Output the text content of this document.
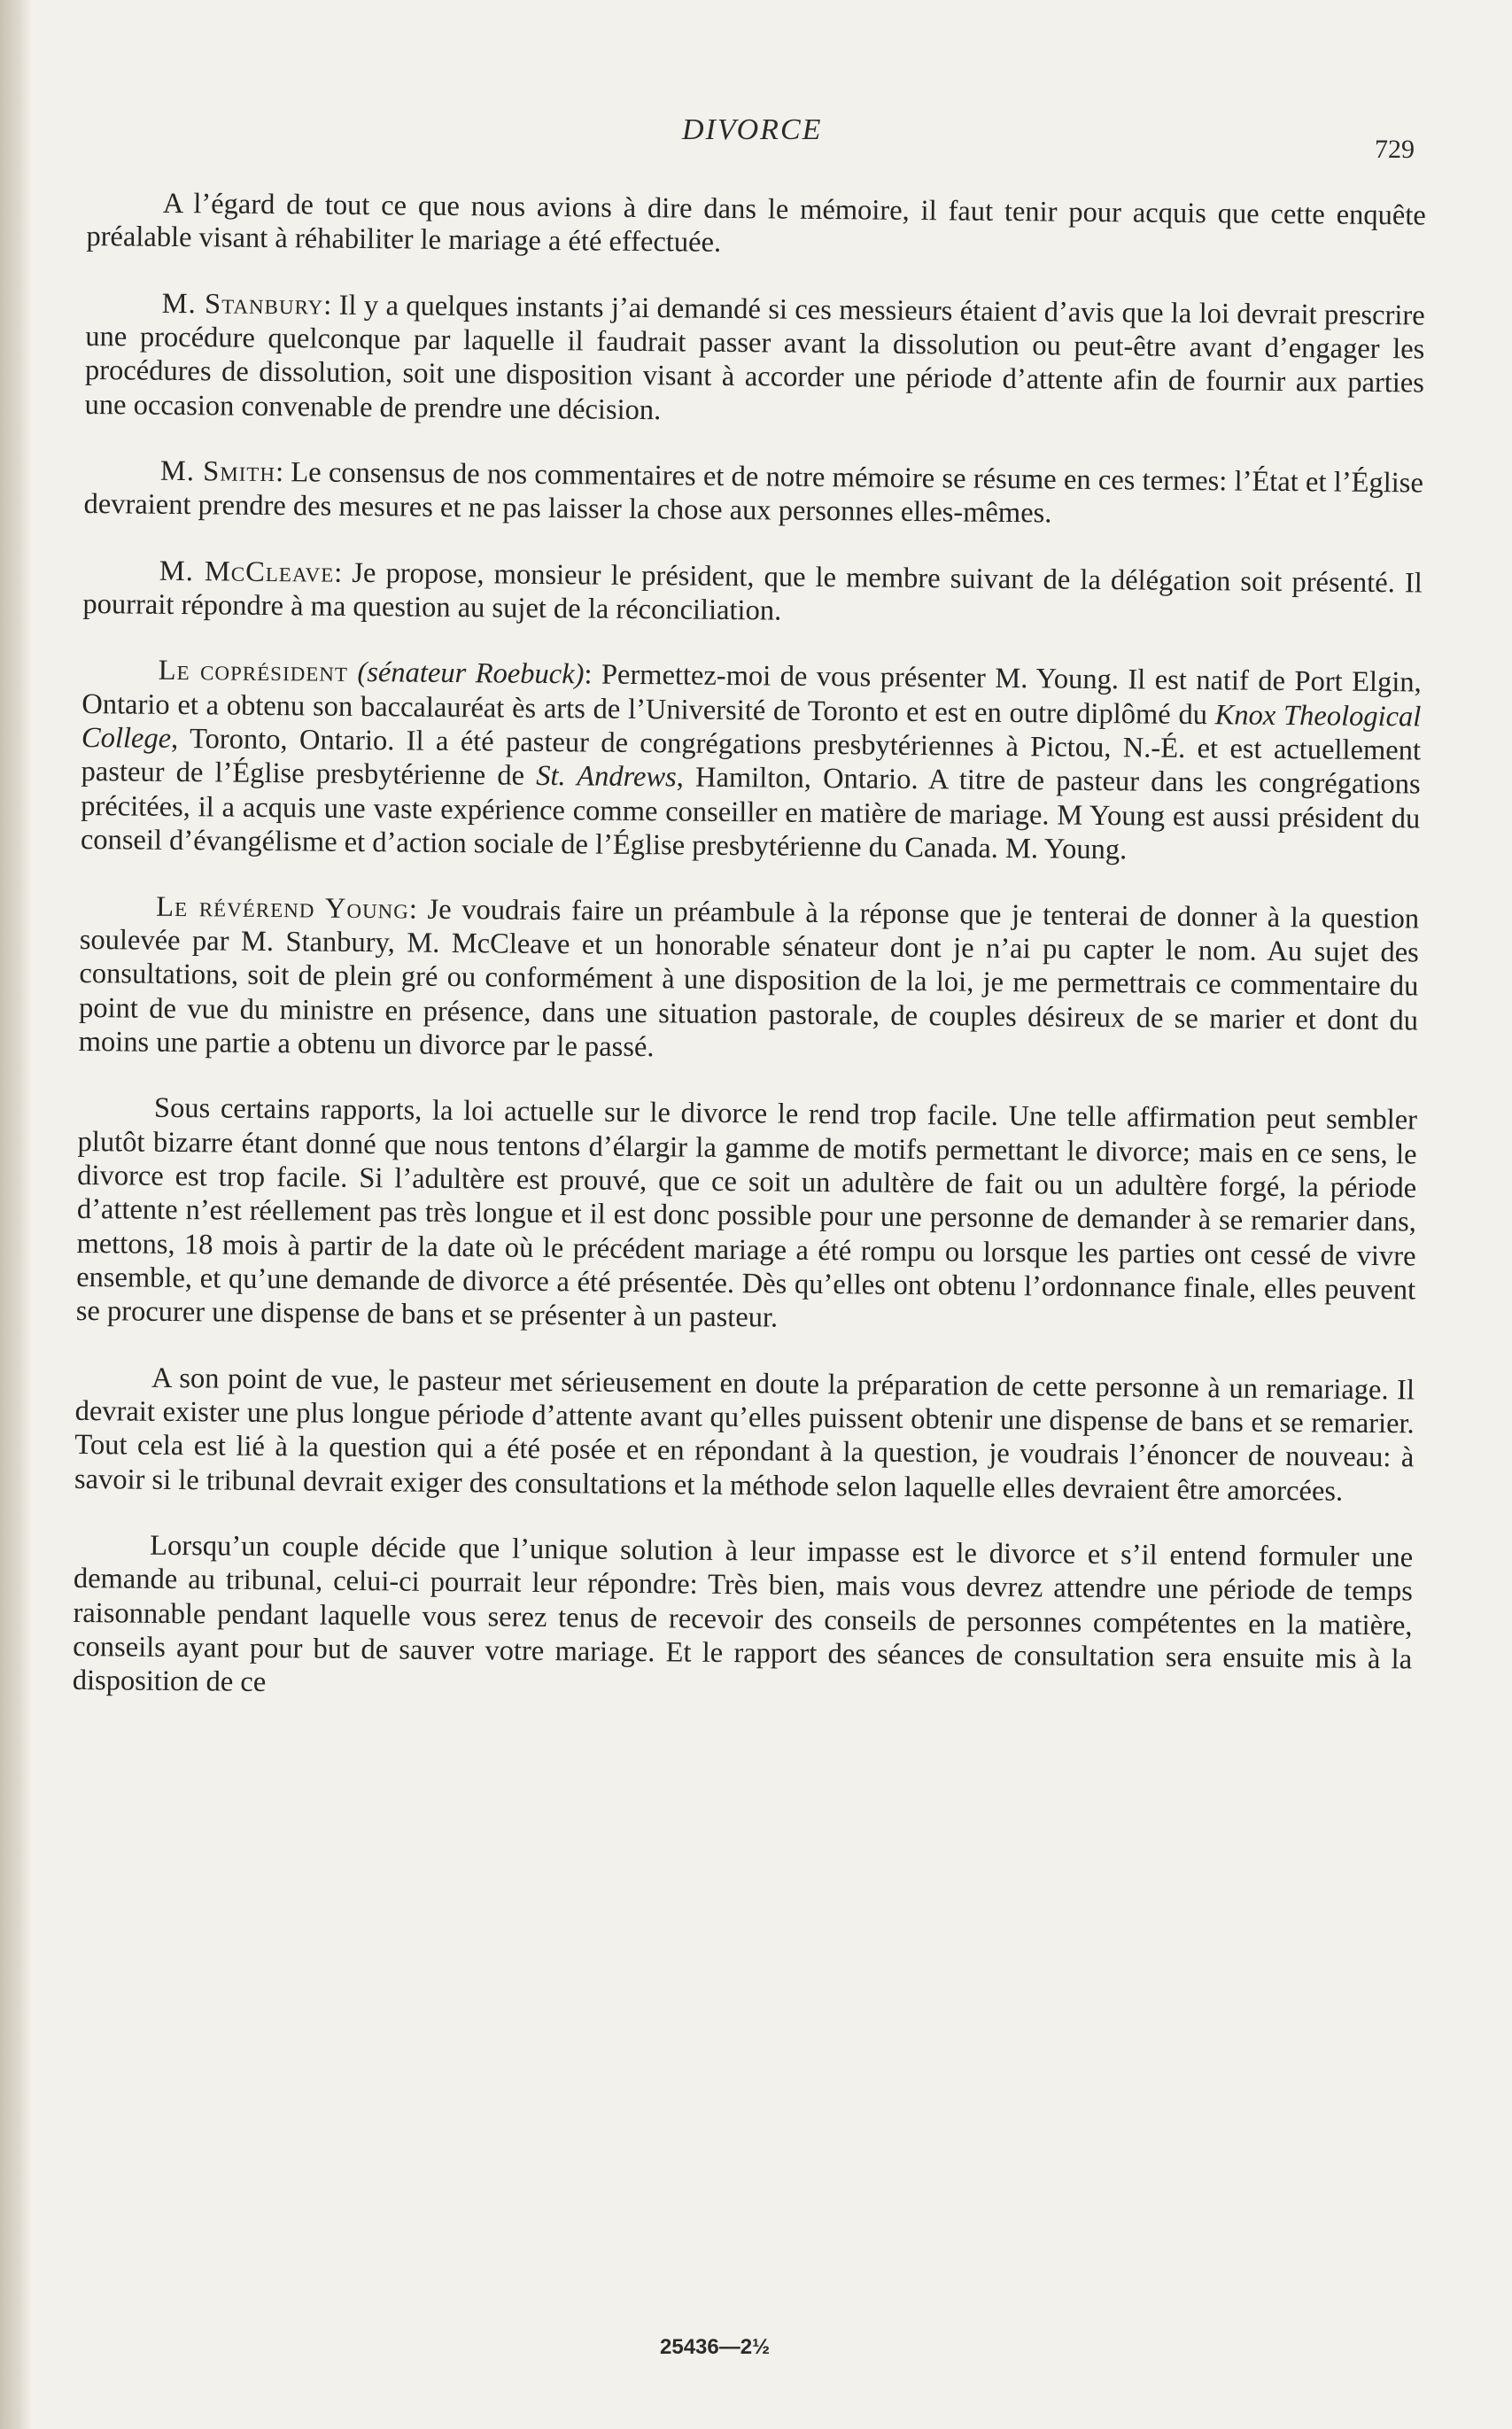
DIVORCE
729

A l’égard de tout ce que nous avions à dire dans le mémoire, il faut tenir pour acquis que cette enquête préalable visant à réhabiliter le mariage a été effectuée.

M. Stanbury: Il y a quelques instants j’ai demandé si ces messieurs étaient d’avis que la loi devrait prescrire une procédure quelconque par laquelle il faudrait passer avant la dissolution ou peut-être avant d’engager les procédures de dissolution, soit une disposition visant à accorder une période d’attente afin de fournir aux parties une occasion convenable de prendre une décision.

M. Smith: Le consensus de nos commentaires et de notre mémoire se résume en ces termes: l’État et l’Église devraient prendre des mesures et ne pas laisser la chose aux personnes elles-mêmes.

M. McCleave: Je propose, monsieur le président, que le membre suivant de la délégation soit présenté. Il pourrait répondre à ma question au sujet de la réconciliation.

Le coprésident (sénateur Roebuck): Permettez-moi de vous présenter M. Young. Il est natif de Port Elgin, Ontario et a obtenu son baccalauréat ès arts de l’Université de Toronto et est en outre diplômé du Knox Theological College, Toronto, Ontario. Il a été pasteur de congrégations presbytériennes à Pictou, N.-É. et est actuellement pasteur de l’Église presbytérienne de St. Andrews, Hamilton, Ontario. A titre de pasteur dans les congrégations précitées, il a acquis une vaste expérience comme conseiller en matière de mariage. M Young est aussi président du conseil d’évangélisme et d’action sociale de l’Église presbytérienne du Canada. M. Young.

Le révérend Young: Je voudrais faire un préambule à la réponse que je tenterai de donner à la question soulevée par M. Stanbury, M. McCleave et un honorable sénateur dont je n’ai pu capter le nom. Au sujet des consultations, soit de plein gré ou conformément à une disposition de la loi, je me permettrais ce commentaire du point de vue du ministre en présence, dans une situation pastorale, de couples désireux de se marier et dont du moins une partie a obtenu un divorce par le passé.

Sous certains rapports, la loi actuelle sur le divorce le rend trop facile. Une telle affirmation peut sembler plutôt bizarre étant donné que nous tentons d’élargir la gamme de motifs permettant le divorce; mais en ce sens, le divorce est trop facile. Si l’adultère est prouvé, que ce soit un adultère de fait ou un adultère forgé, la période d’attente n’est réellement pas très longue et il est donc possible pour une personne de demander à se remarier dans, mettons, 18 mois à partir de la date où le précédent mariage a été rompu ou lorsque les parties ont cessé de vivre ensemble, et qu’une demande de divorce a été présentée. Dès qu’elles ont obtenu l’ordonnance finale, elles peuvent se procurer une dispense de bans et se présenter à un pasteur.

A son point de vue, le pasteur met sérieusement en doute la préparation de cette personne à un remariage. Il devrait exister une plus longue période d’attente avant qu’elles puissent obtenir une dispense de bans et se remarier. Tout cela est lié à la question qui a été posée et en répondant à la question, je voudrais l’énoncer de nouveau: à savoir si le tribunal devrait exiger des consultations et la méthode selon laquelle elles devraient être amorcées.

Lorsqu’un couple décide que l’unique solution à leur impasse est le divorce et s’il entend formuler une demande au tribunal, celui-ci pourrait leur répondre: Très bien, mais vous devrez attendre une période de temps raisonnable pendant laquelle vous serez tenus de recevoir des conseils de personnes compétentes en la matière, conseils ayant pour but de sauver votre mariage. Et le rapport des séances de consultation sera ensuite mis à la disposition de ce

25436—2½
